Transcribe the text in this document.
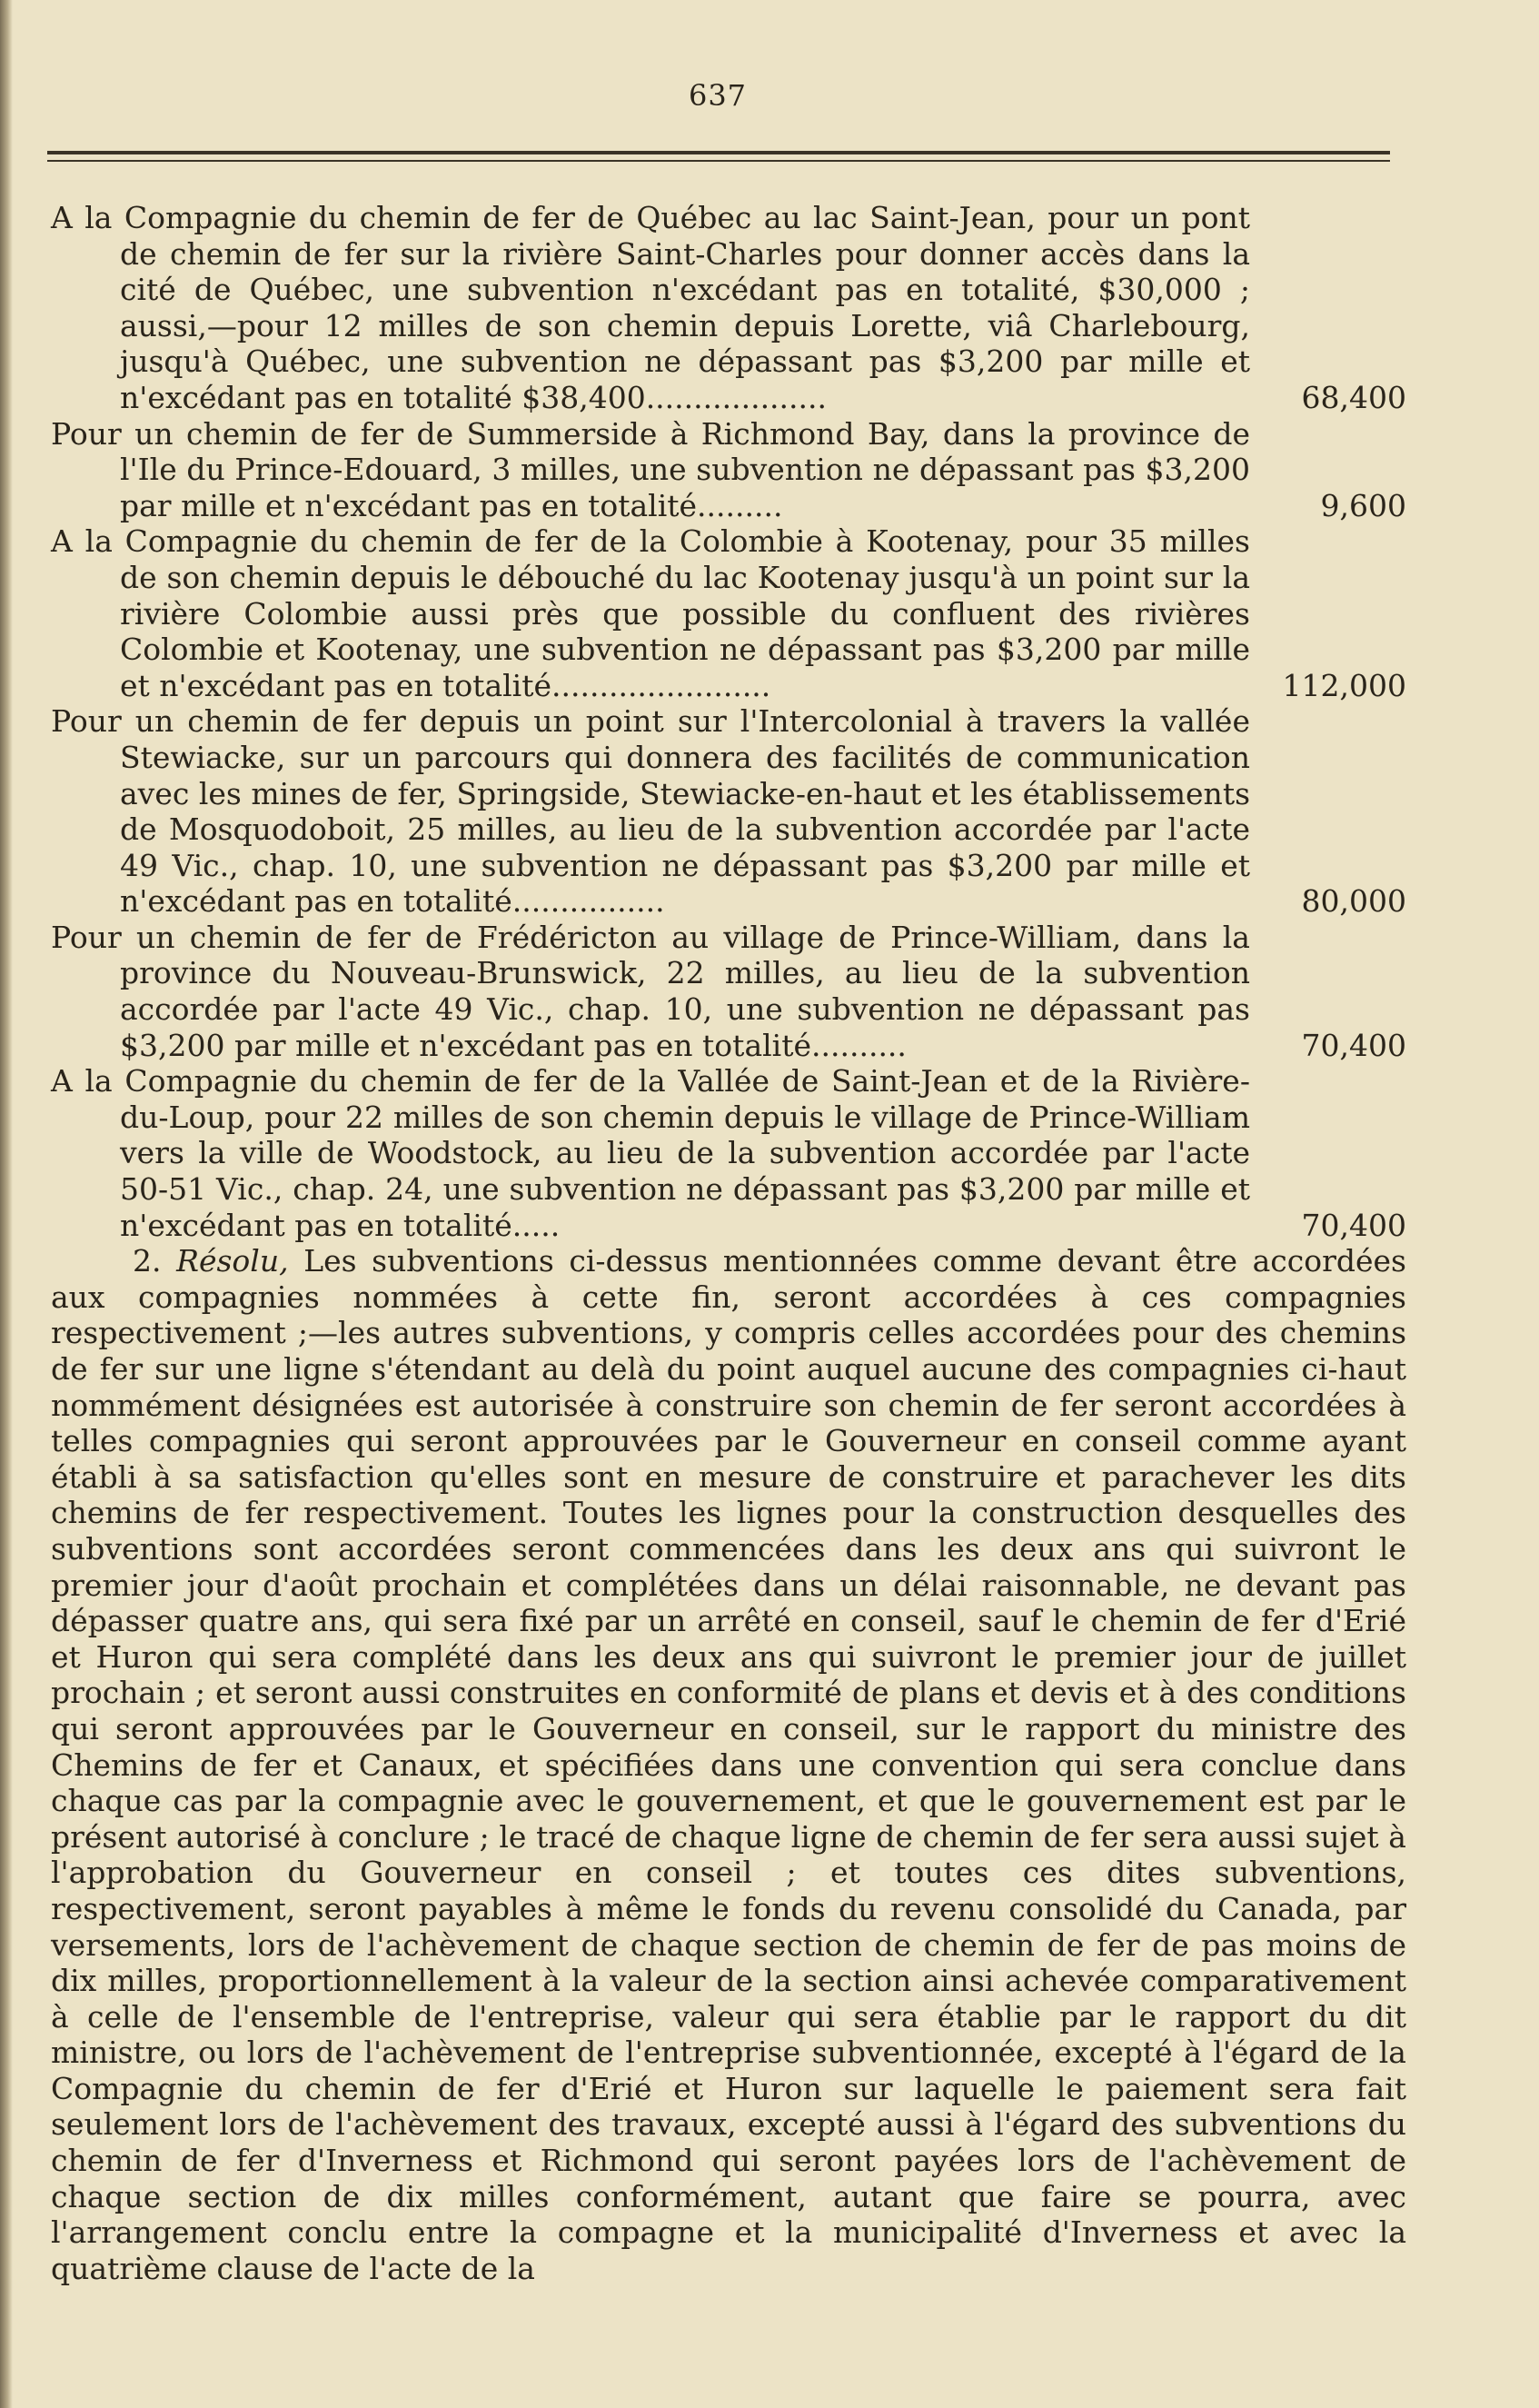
637

A la Compagnie du chemin de fer de Québec au lac Saint-Jean, pour un pont de chemin de fer sur la rivière Saint-Charles pour donner accès dans la cité de Québec, une subvention n'excédant pas en totalité, $30,000 ; aussi,—pour 12 milles de son chemin depuis Lorette, viâ Charlebourg, jusqu'à Québec, une subvention ne dépassant pas $3,200 par mille et n'excédant pas en totalité $38,400...................	68,400

Pour un chemin de fer de Summerside à Richmond Bay, dans la province de l'Ile du Prince-Edouard, 3 milles, une subvention ne dépassant pas $3,200 par mille et n'excédant pas en totalité.........	9,600

A la Compagnie du chemin de fer de la Colombie à Kootenay, pour 35 milles de son chemin depuis le débouché du lac Kootenay jusqu'à un point sur la rivière Colombie aussi près que possible du confluent des rivières Colombie et Kootenay, une subvention ne dépassant pas $3,200 par mille et n'excédant pas en totalité.......................	112,000

Pour un chemin de fer depuis un point sur l'Intercolonial à travers la vallée Stewiacke, sur un parcours qui donnera des facilités de communication avec les mines de fer, Springside, Stewiacke-en-haut et les établissements de Mosquodoboit, 25 milles, au lieu de la subvention accordée par l'acte 49 Vic., chap. 10, une subvention ne dépassant pas $3,200 par mille et n'excédant pas en totalité................	80,000

Pour un chemin de fer de Frédéricton au village de Prince-William, dans la province du Nouveau-Brunswick, 22 milles, au lieu de la subvention accordée par l'acte 49 Vic., chap. 10, une subvention ne dépassant pas $3,200 par mille et n'excédant pas en totalité..........	70,400

A la Compagnie du chemin de fer de la Vallée de Saint-Jean et de la Rivière-du-Loup, pour 22 milles de son chemin depuis le village de Prince-William vers la ville de Woodstock, au lieu de la subvention accordée par l'acte 50-51 Vic., chap. 24, une subvention ne dépassant pas $3,200 par mille et n'excédant pas en totalité.....	70,400

2. Résolu, Les subventions ci-dessus mentionnées comme devant être accordées aux compagnies nommées à cette fin, seront accordées à ces compagnies respectivement ;—les autres subventions, y compris celles accordées pour des chemins de fer sur une ligne s'étendant au delà du point auquel aucune des compagnies ci-haut nommément désignées est autorisée à construire son chemin de fer seront accordées à telles compagnies qui seront approuvées par le Gouverneur en conseil comme ayant établi à sa satisfaction qu'elles sont en mesure de construire et parachever les dits chemins de fer respectivement. Toutes les lignes pour la construction desquelles des subventions sont accordées seront commencées dans les deux ans qui suivront le premier jour d'août prochain et complétées dans un délai raisonnable, ne devant pas dépasser quatre ans, qui sera fixé par un arrêté en conseil, sauf le chemin de fer d'Erié et Huron qui sera complété dans les deux ans qui suivront le premier jour de juillet prochain ; et seront aussi construites en conformité de plans et devis et à des conditions qui seront approuvées par le Gouverneur en conseil, sur le rapport du ministre des Chemins de fer et Canaux, et spécifiées dans une convention qui sera conclue dans chaque cas par la compagnie avec le gouvernement, et que le gouvernement est par le présent autorisé à conclure ; le tracé de chaque ligne de chemin de fer sera aussi sujet à l'approbation du Gouverneur en conseil ; et toutes ces dites subventions, respectivement, seront payables à même le fonds du revenu consolidé du Canada, par versements, lors de l'achèvement de chaque section de chemin de fer de pas moins de dix milles, proportionnellement à la valeur de la section ainsi achevée comparativement à celle de l'ensemble de l'entreprise, valeur qui sera établie par le rapport du dit ministre, ou lors de l'achèvement de l'entreprise subventionnée, excepté à l'égard de la Compagnie du chemin de fer d'Erié et Huron sur laquelle le paiement sera fait seulement lors de l'achèvement des travaux, excepté aussi à l'égard des subventions du chemin de fer d'Inverness et Richmond qui seront payées lors de l'achèvement de chaque section de dix milles conformément, autant que faire se pourra, avec l'arrangement conclu entre la compagne et la municipalité d'Inverness et avec la quatrième clause de l'acte de la
